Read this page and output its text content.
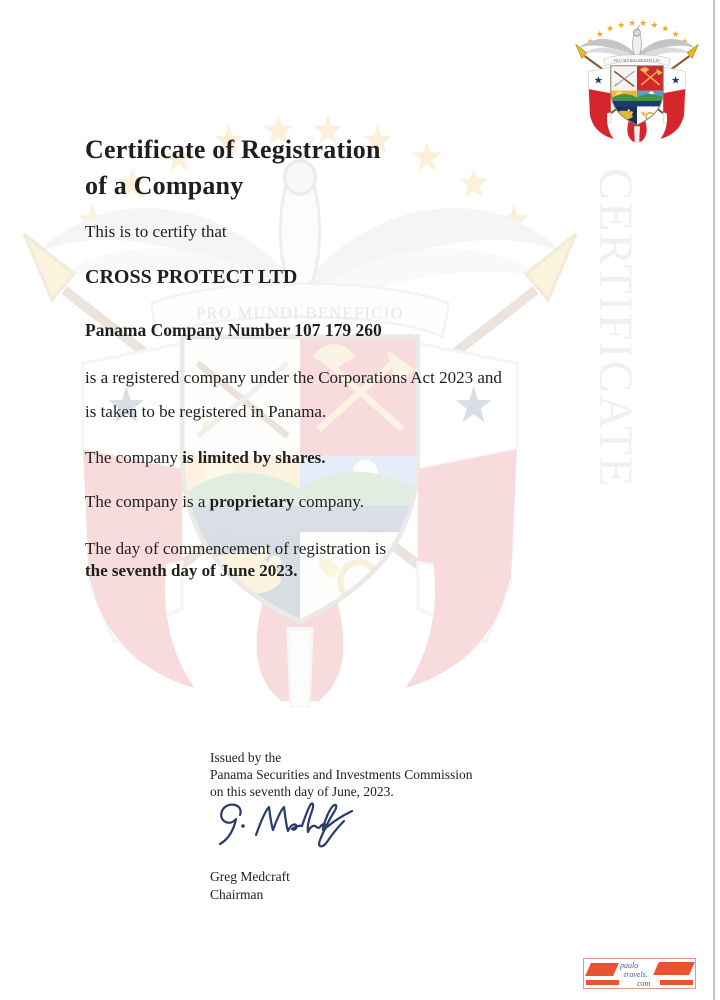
CERTIFICATE
Certificate of Registration
of a Company

This is to certify that

CROSS PROTECT LTD

Panama Company Number 107 179 260

is a registered company under the Corporations Act 2023 and

is taken to be registered in Panama.

The company is limited by shares.

The company is a proprietary company.

The day of commencement of registration is
the seventh day of June 2023.

Issued by the
Panama Securities and Investments Commission
on this seventh day of June, 2023.
Greg Medcraft
Chairman
paulo
travels.
com
